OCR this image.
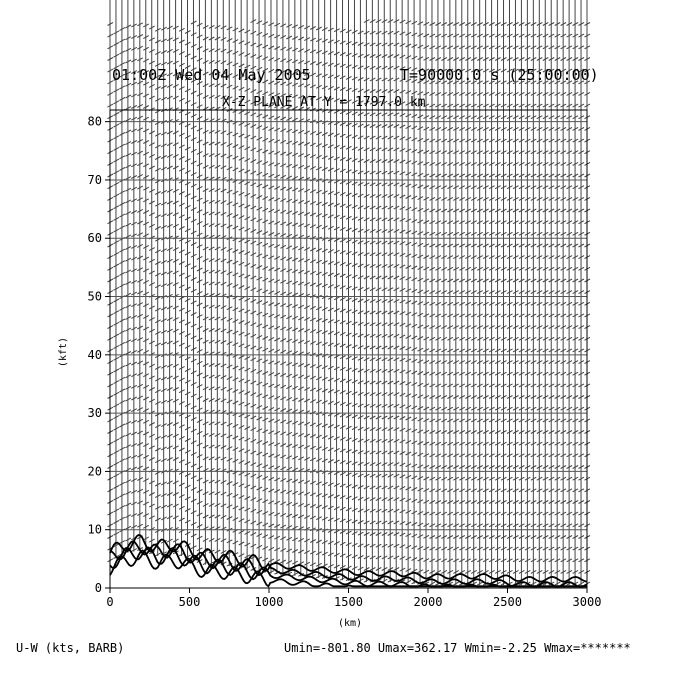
0	500	1000	1500	2000	2500	3000
0
10
20
30
40
50
60
70
80
01:00Z Wed 04 May 2005	T=90000.0 s (25:00:00)
X-Z PLANE AT Y = 1797.0 km
(kft)
(km)
U-W (kts, BARB)	Umin=-801.80 Umax=362.17 Wmin=-2.25 Wmax=*******
